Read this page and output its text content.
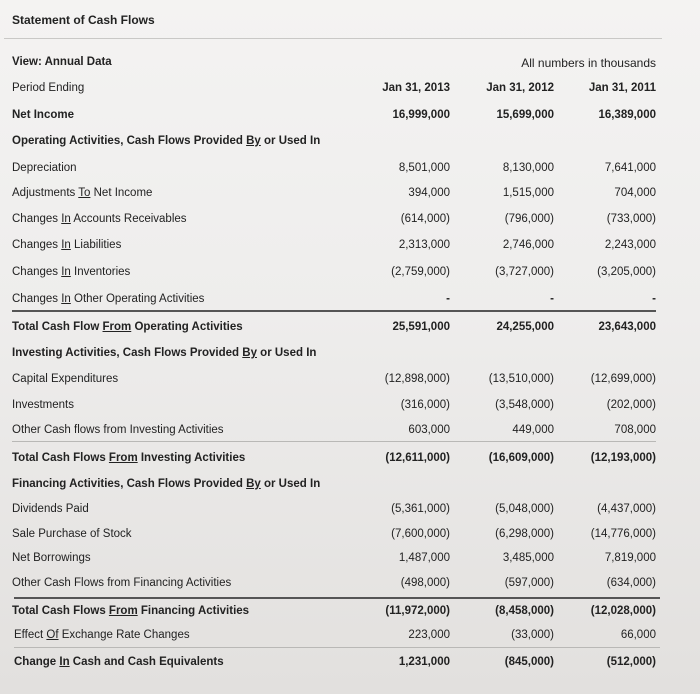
Statement of Cash Flows
View: Annual Data	All numbers in thousands
Period Ending	Jan 31, 2013	Jan 31, 2012	Jan 31, 2011
Net Income	16,999,000	15,699,000	16,389,000
Operating Activities, Cash Flows Provided By or Used In
Depreciation	8,501,000	8,130,000	7,641,000
Adjustments To Net Income	394,000	1,515,000	704,000
Changes In Accounts Receivables	(614,000)	(796,000)	(733,000)
Changes In Liabilities	2,313,000	2,746,000	2,243,000
Changes In Inventories	(2,759,000)	(3,727,000)	(3,205,000)
Changes In Other Operating Activities	-	-	-
Total Cash Flow From Operating Activities	25,591,000	24,255,000	23,643,000
Investing Activities, Cash Flows Provided By or Used In
Capital Expenditures	(12,898,000)	(13,510,000)	(12,699,000)
Investments	(316,000)	(3,548,000)	(202,000)
Other Cash flows from Investing Activities	603,000	449,000	708,000
Total Cash Flows From Investing Activities	(12,611,000)	(16,609,000)	(12,193,000)
Financing Activities, Cash Flows Provided By or Used In
Dividends Paid	(5,361,000)	(5,048,000)	(4,437,000)
Sale Purchase of Stock	(7,600,000)	(6,298,000)	(14,776,000)
Net Borrowings	1,487,000	3,485,000	7,819,000
Other Cash Flows from Financing Activities	(498,000)	(597,000)	(634,000)
Total Cash Flows From Financing Activities	(11,972,000)	(8,458,000)	(12,028,000)
Effect Of Exchange Rate Changes	223,000	(33,000)	66,000
Change In Cash and Cash Equivalents	1,231,000	(845,000)	(512,000)
